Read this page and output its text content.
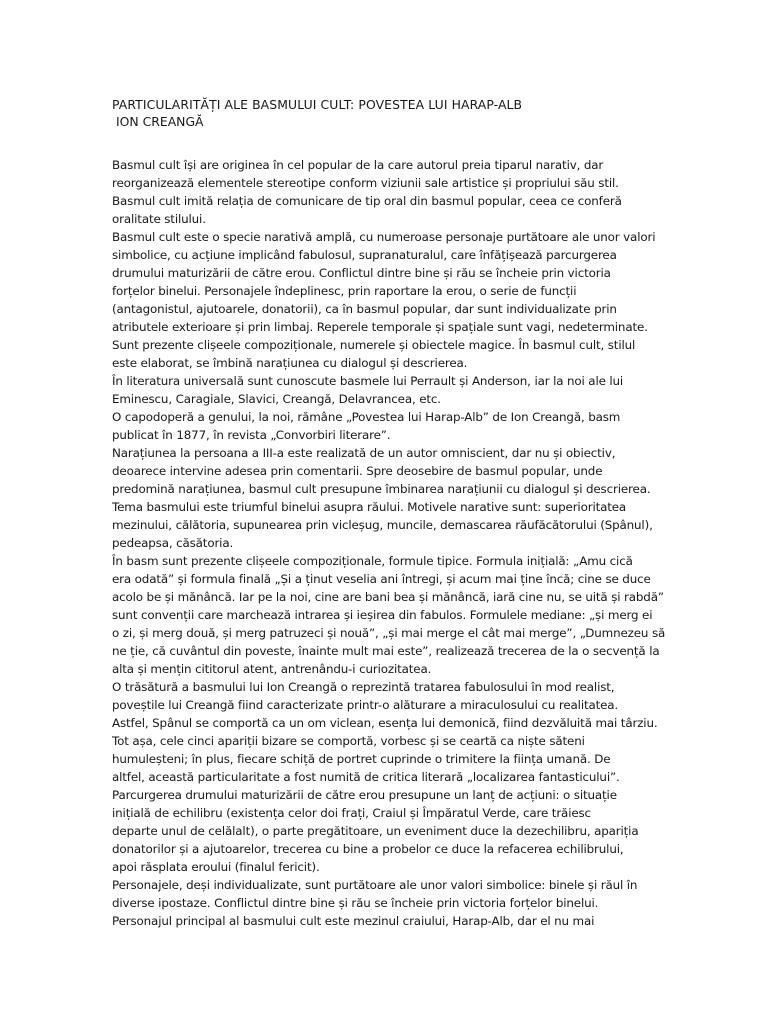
PARTICULARITĂȚI ALE BASMULUI CULT: POVESTEA LUI HARAP-ALB

ION CREANGĂ

Basmul cult își are originea în cel popular de la care autorul preia tiparul narativ, dar
reorganizează elementele stereotipe conform viziunii sale artistice și propriului său stil.
Basmul cult imită relația de comunicare de tip oral din basmul popular, ceea ce conferă
oralitate stilului.
Basmul cult este o specie narativă amplă, cu numeroase personaje purtătoare ale unor valori
simbolice, cu acțiune implicând fabulosul, supranaturalul, care înfățișează parcurgerea
drumului maturizării de către erou. Conflictul dintre bine și rău se încheie prin victoria
forțelor binelui. Personajele îndeplinesc, prin raportare la erou, o serie de funcții
(antagonistul, ajutoarele, donatorii), ca în basmul popular, dar sunt individualizate prin
atributele exterioare și prin limbaj. Reperele temporale și spațiale sunt vagi, nedeterminate.
Sunt prezente clișeele compoziționale, numerele și obiectele magice. În basmul cult, stilul
este elaborat, se îmbină narațiunea cu dialogul și descrierea.
În literatura universală sunt cunoscute basmele lui Perrault și Anderson, iar la noi ale lui
Eminescu, Caragiale, Slavici, Creangă, Delavrancea, etc.
O capodoperă a genului, la noi, rămâne „Povestea lui Harap-Alb” de Ion Creangă, basm
publicat în 1877, în revista „Convorbiri literare”.
Narațiunea la persoana a III-a este realizată de un autor omniscient, dar nu și obiectiv,
deoarece intervine adesea prin comentarii. Spre deosebire de basmul popular, unde
predomină narațiunea, basmul cult presupune îmbinarea narațiunii cu dialogul și descrierea.
Tema basmului este triumful binelui asupra răului. Motivele narative sunt: superioritatea
mezinului, călătoria, supunearea prin vicleșug, muncile, demascarea răufăcătorului (Spânul),
pedeapsa, căsătoria.
În basm sunt prezente clișeele compoziționale, formule tipice. Formula inițială: „Amu cică
era odată” și formula finală „Și a ținut veselia ani întregi, și acum mai ține încă; cine se duce
acolo be și mănâncă. Iar pe la noi, cine are bani bea și mănâncă, iară cine nu, se uită și rabdă”
sunt convenții care marchează intrarea și ieșirea din fabulos. Formulele mediane: „și merg ei
o zi, și merg două, și merg patruzeci și nouă”, „și mai merge el cât mai merge”, „Dumnezeu să
ne ție, că cuvântul din poveste, înainte mult mai este”, realizează trecerea de la o secvență la
alta și mențin cititorul atent, antrenându-i curiozitatea.
O trăsătură a basmului lui Ion Creangă o reprezintă tratarea fabulosului în mod realist,
poveștile lui Creangă fiind caracterizate printr-o alăturare a miraculosului cu realitatea.
Astfel, Spânul se comportă ca un om viclean, esența lui demonică, fiind dezvăluită mai târziu.
Tot așa, cele cinci apariții bizare se comportă, vorbesc și se ceartă ca niște săteni
humuleșteni; în plus, fiecare schiță de portret cuprinde o trimitere la ființa umană. De
altfel, această particularitate a fost numită de critica literară „localizarea fantasticului”.
Parcurgerea drumului maturizării de către erou presupune un lanț de acțiuni: o situație
inițială de echilibru (existența celor doi frați, Craiul și Împăratul Verde, care trăiesc
departe unul de celălalt), o parte pregătitoare, un eveniment duce la dezechilibru, apariția
donatorilor și a ajutoarelor, trecerea cu bine a probelor ce duce la refacerea echilibrului,
apoi răsplata eroului (finalul fericit).
Personajele, deși individualizate, sunt purtătoare ale unor valori simbolice: binele și răul în
diverse ipostaze. Conflictul dintre bine și rău se încheie prin victoria forțelor binelui.
Personajul principal al basmului cult este mezinul craiului, Harap-Alb, dar el nu mai
